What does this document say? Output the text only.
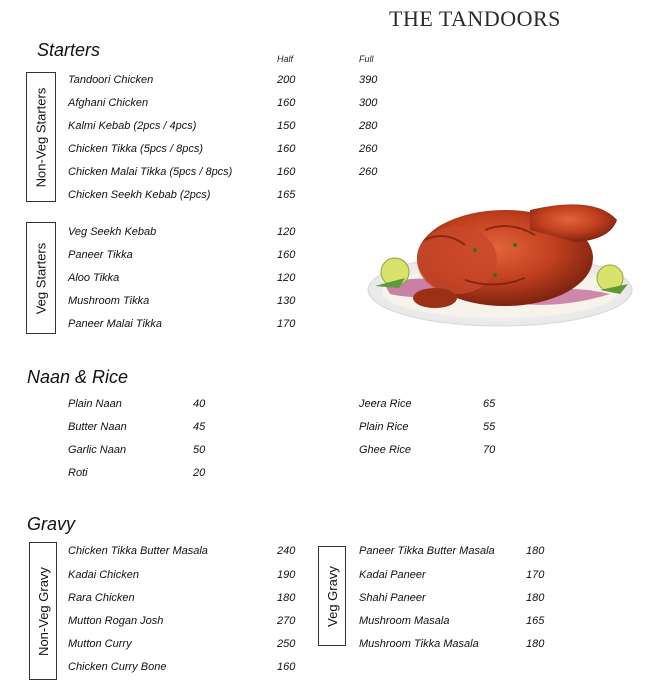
THE TANDOORS
Starters	Half	Full
Non-Veg Starters
Tandoori Chicken	200	390
Afghani Chicken	160	300
Kalmi Kebab (2pcs / 4pcs)	150	280
Chicken Tikka (5pcs / 8pcs)	160	260
Chicken Malai Tikka (5pcs / 8pcs)	160	260
Chicken Seekh Kebab (2pcs)	165
Veg Starters
Veg Seekh Kebab	120
Paneer Tikka	160
Aloo Tikka	120
Mushroom Tikka	130
Paneer Malai Tikka	170
Naan & Rice
Plain Naan	40
Butter Naan	45
Garlic Naan	50
Roti	20
Jeera Rice	65
Plain Rice	55
Ghee Rice	70
Gravy
Non-Veg Gravy
Chicken Tikka Butter Masala	240
Kadai Chicken	190
Rara Chicken	180
Mutton Rogan Josh	270
Mutton Curry	250
Chicken Curry Bone	160
Veg Gravy
Paneer Tikka Butter Masala	180
Kadai Paneer	170
Shahi Paneer	180
Mushroom Masala	165
Mushroom Tikka Masala	180
